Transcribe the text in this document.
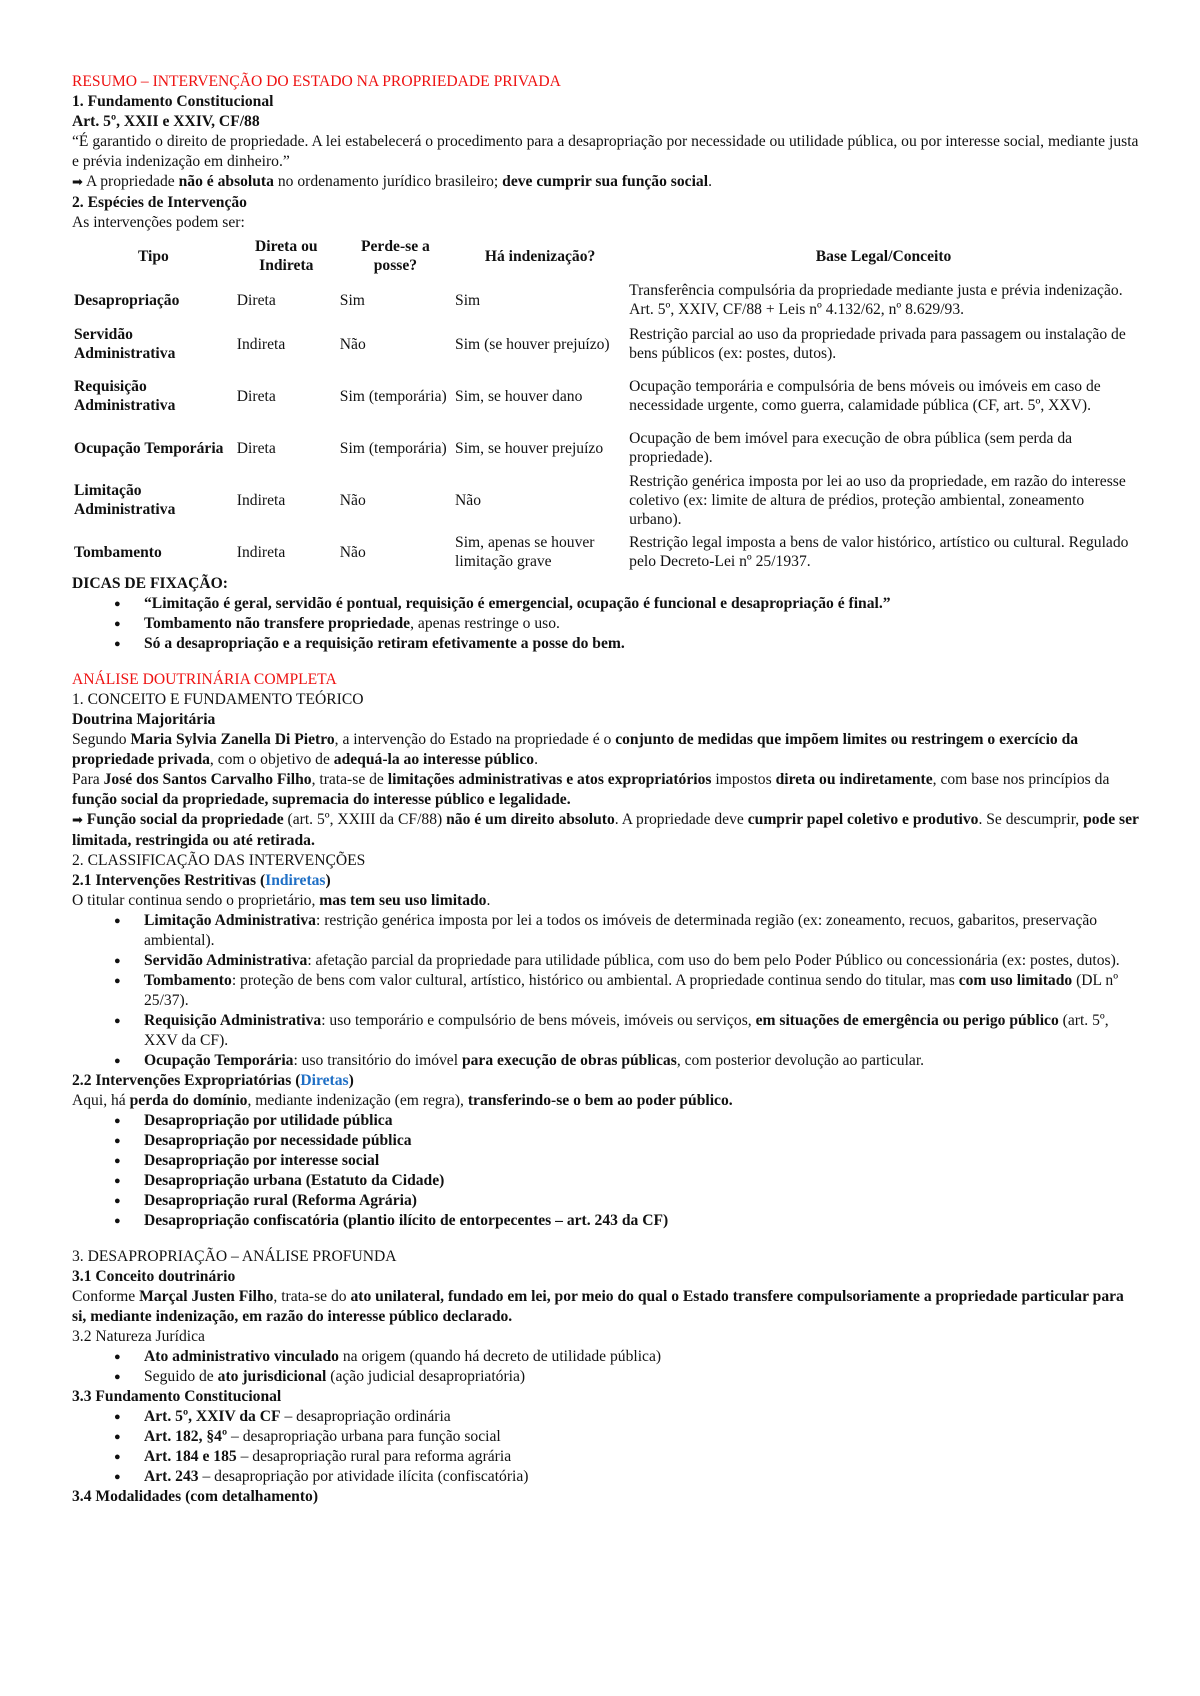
RESUMO – INTERVENÇÃO DO ESTADO NA PROPRIEDADE PRIVADA

1. Fundamento Constitucional

Art. 5º, XXII e XXIV, CF/88

“É garantido o direito de propriedade. A lei estabelecerá o procedimento para a desapropriação por necessidade ou utilidade pública, ou por interesse social, mediante justa e prévia indenização em dinheiro.”

➡ A propriedade não é absoluta no ordenamento jurídico brasileiro; deve cumprir sua função social.

2. Espécies de Intervenção

As intervenções podem ser:

Tipo	Direta ou Indireta	Perde-se a posse?	Há indenização?	Base Legal/Conceito
Desapropriação	Direta	Sim	Sim	Transferência compulsória da propriedade mediante justa e prévia indenização. Art. 5º, XXIV, CF/88 + Leis nº 4.132/62, nº 8.629/93.
Servidão Administrativa	Indireta	Não	Sim (se houver prejuízo)	Restrição parcial ao uso da propriedade privada para passagem ou instalação de bens públicos (ex: postes, dutos).
Requisição Administrativa	Direta	Sim (temporária)	Sim, se houver dano	Ocupação temporária e compulsória de bens móveis ou imóveis em caso de necessidade urgente, como guerra, calamidade pública (CF, art. 5º, XXV).
Ocupação Temporária	Direta	Sim (temporária)	Sim, se houver prejuízo	Ocupação de bem imóvel para execução de obra pública (sem perda da propriedade).
Limitação Administrativa	Indireta	Não	Não	Restrição genérica imposta por lei ao uso da propriedade, em razão do interesse coletivo (ex: limite de altura de prédios, proteção ambiental, zoneamento urbano).
Tombamento	Indireta	Não	Sim, apenas se houver limitação grave	Restrição legal imposta a bens de valor histórico, artístico ou cultural. Regulado pelo Decreto-Lei nº 25/1937.

DICAS DE FIXAÇÃO:

● “Limitação é geral, servidão é pontual, requisição é emergencial, ocupação é funcional e desapropriação é final.”
● Tombamento não transfere propriedade, apenas restringe o uso.
● Só a desapropriação e a requisição retiram efetivamente a posse do bem.

ANÁLISE DOUTRINÁRIA COMPLETA

1. CONCEITO E FUNDAMENTO TEÓRICO

Doutrina Majoritária

Segundo Maria Sylvia Zanella Di Pietro, a intervenção do Estado na propriedade é o conjunto de medidas que impõem limites ou restringem o exercício da propriedade privada, com o objetivo de adequá-la ao interesse público.

Para José dos Santos Carvalho Filho, trata-se de limitações administrativas e atos expropriatórios impostos direta ou indiretamente, com base nos princípios da função social da propriedade, supremacia do interesse público e legalidade.

➡ Função social da propriedade (art. 5º, XXIII da CF/88) não é um direito absoluto. A propriedade deve cumprir papel coletivo e produtivo. Se descumprir, pode ser limitada, restringida ou até retirada.

2. CLASSIFICAÇÃO DAS INTERVENÇÕES

2.1 Intervenções Restritivas (Indiretas)

O titular continua sendo o proprietário, mas tem seu uso limitado.

● Limitação Administrativa: restrição genérica imposta por lei a todos os imóveis de determinada região (ex: zoneamento, recuos, gabaritos, preservação ambiental).
● Servidão Administrativa: afetação parcial da propriedade para utilidade pública, com uso do bem pelo Poder Público ou concessionária (ex: postes, dutos).
● Tombamento: proteção de bens com valor cultural, artístico, histórico ou ambiental. A propriedade continua sendo do titular, mas com uso limitado (DL nº 25/37).
● Requisição Administrativa: uso temporário e compulsório de bens móveis, imóveis ou serviços, em situações de emergência ou perigo público (art. 5º, XXV da CF).
● Ocupação Temporária: uso transitório do imóvel para execução de obras públicas, com posterior devolução ao particular.

2.2 Intervenções Expropriatórias (Diretas)

Aqui, há perda do domínio, mediante indenização (em regra), transferindo-se o bem ao poder público.

● Desapropriação por utilidade pública
● Desapropriação por necessidade pública
● Desapropriação por interesse social
● Desapropriação urbana (Estatuto da Cidade)
● Desapropriação rural (Reforma Agrária)
● Desapropriação confiscatória (plantio ilícito de entorpecentes – art. 243 da CF)

3. DESAPROPRIAÇÃO – ANÁLISE PROFUNDA

3.1 Conceito doutrinário

Conforme Marçal Justen Filho, trata-se do ato unilateral, fundado em lei, por meio do qual o Estado transfere compulsoriamente a propriedade particular para si, mediante indenização, em razão do interesse público declarado.

3.2 Natureza Jurídica

● Ato administrativo vinculado na origem (quando há decreto de utilidade pública)
● Seguido de ato jurisdicional (ação judicial desapropriatória)

3.3 Fundamento Constitucional

● Art. 5º, XXIV da CF – desapropriação ordinária
● Art. 182, §4º – desapropriação urbana para função social
● Art. 184 e 185 – desapropriação rural para reforma agrária
● Art. 243 – desapropriação por atividade ilícita (confiscatória)

3.4 Modalidades (com detalhamento)
